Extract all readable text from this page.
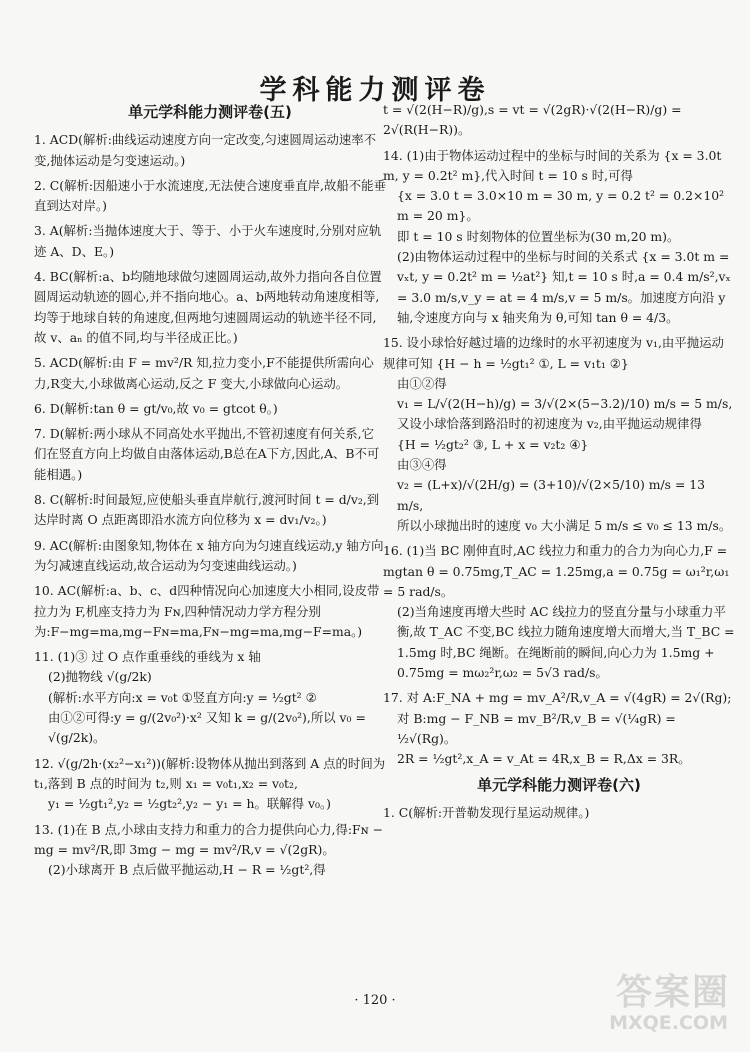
学科能力测评卷
单元学科能力测评卷(五)

1. ACD(解析:曲线运动速度方向一定改变,匀速圆周运动速率不变,抛体运动是匀变速运动。)

2. C(解析:因船速小于水流速度,无法使合速度垂直岸,故船不能垂直到达对岸。)

3. A(解析:当抛体速度大于、等于、小于火车速度时,分别对应轨迹 A、D、E。)

4. BC(解析:a、b均随地球做匀速圆周运动,故外力指向各自位置圆周运动轨迹的圆心,并不指向地心。a、b两地转动角速度相等,均等于地球自转的角速度,但两地匀速圆周运动的轨迹半径不同,故 v、aₙ 的值不同,均与半径成正比。)

5. ACD(解析:由 F = mv²/R 知,拉力变小,F不能提供所需向心力,R变大,小球做离心运动,反之 F 变大,小球做向心运动。

6. D(解析:tan θ = gt/v₀,故 v₀ = gtcot θ。)

7. D(解析:两小球从不同高处水平抛出,不管初速度有何关系,它们在竖直方向上均做自由落体运动,B总在A下方,因此,A、B不可能相遇。)

8. C(解析:时间最短,应使船头垂直岸航行,渡河时间 t = d/v₂,到达岸时离 O 点距离即沿水流方向位移为 x = dv₁/v₂。)

9. AC(解析:由图象知,物体在 x 轴方向为匀速直线运动,y 轴方向为匀减速直线运动,故合运动为匀变速曲线运动。)

10. AC(解析:a、b、c、d四种情况向心加速度大小相同,设皮带拉力为 F,机座支持力为 Fɴ,四种情况动力学方程分别为:F−mg=ma,mg−Fɴ=ma,Fɴ−mg=ma,mg−F=ma。)

11. (1)③ 过 O 点作重垂线的垂线为 x 轴

(2)抛物线 √(g/2k)

(解析:水平方向:x = v₀t ①竖直方向:y = ½gt² ②

由①②可得:y = g/(2v₀²)·x² 又知 k = g/(2v₀²),所以 v₀ = √(g/2k)。

12. √(g/2h·(x₂²−x₁²))(解析:设物体从抛出到落到 A 点的时间为 t₁,落到 B 点的时间为 t₂,则 x₁ = v₀t₁,x₂ = v₀t₂,

y₁ = ½gt₁²,y₂ = ½gt₂²,y₂ − y₁ = h。联解得 v₀。)

13. (1)在 B 点,小球由支持力和重力的合力提供向心力,得:Fɴ − mg = mv²/R,即 3mg − mg = mv²/R,v = √(2gR)。

(2)小球离开 B 点后做平抛运动,H − R = ½gt²,得

t = √(2(H−R)/g),s = vt = √(2gR)·√(2(H−R)/g) = 2√(R(H−R))。

14. (1)由于物体运动过程中的坐标与时间的关系为 {x = 3.0t m, y = 0.2t² m},代入时间 t = 10 s 时,可得

{x = 3.0 t = 3.0×10 m = 30 m, y = 0.2 t² = 0.2×10² m = 20 m}。

即 t = 10 s 时刻物体的位置坐标为(30 m,20 m)。

(2)由物体运动过程中的坐标与时间的关系式 {x = 3.0t m = vₓt, y = 0.2t² m = ½at²} 知,t = 10 s 时,a = 0.4 m/s²,vₓ = 3.0 m/s,v_y = at = 4 m/s,v = 5 m/s。加速度方向沿 y 轴,令速度方向与 x 轴夹角为 θ,可知 tan θ = 4/3。

15. 设小球恰好越过墙的边缘时的水平初速度为 v₁,由平抛运动规律可知 {H − h = ½gt₁² ①, L = v₁t₁ ②}

由①②得

v₁ = L/√(2(H−h)/g) = 3/√(2×(5−3.2)/10) m/s = 5 m/s,

又设小球恰落到路沿时的初速度为 v₂,由平抛运动规律得

{H = ½gt₂² ③, L + x = v₂t₂ ④}

由③④得

v₂ = (L+x)/√(2H/g) = (3+10)/√(2×5/10) m/s = 13 m/s,

所以小球抛出时的速度 v₀ 大小满足 5 m/s ≤ v₀ ≤ 13 m/s。

16. (1)当 BC 刚伸直时,AC 线拉力和重力的合力为向心力,F = mgtan θ = 0.75mg,T_AC = 1.25mg,a = 0.75g = ω₁²r,ω₁ = 5 rad/s。

(2)当角速度再增大些时 AC 线拉力的竖直分量与小球重力平衡,故 T_AC 不变,BC 线拉力随角速度增大而增大,当 T_BC = 1.5mg 时,BC 绳断。在绳断前的瞬间,向心力为 1.5mg + 0.75mg = mω₂²r,ω₂ = 5√3 rad/s。

17. 对 A:F_NA + mg = mv_A²/R,v_A = √(4gR) = 2√(Rg);

对 B:mg − F_NB = mv_B²/R,v_B = √(¼gR) = ½√(Rg)。

2R = ½gt²,x_A = v_At = 4R,x_B = R,Δx = 3R。

单元学科能力测评卷(六)

1. C(解析:开普勒发现行星运动规律。)

· 120 ·	答案圈
MXQE.COM
